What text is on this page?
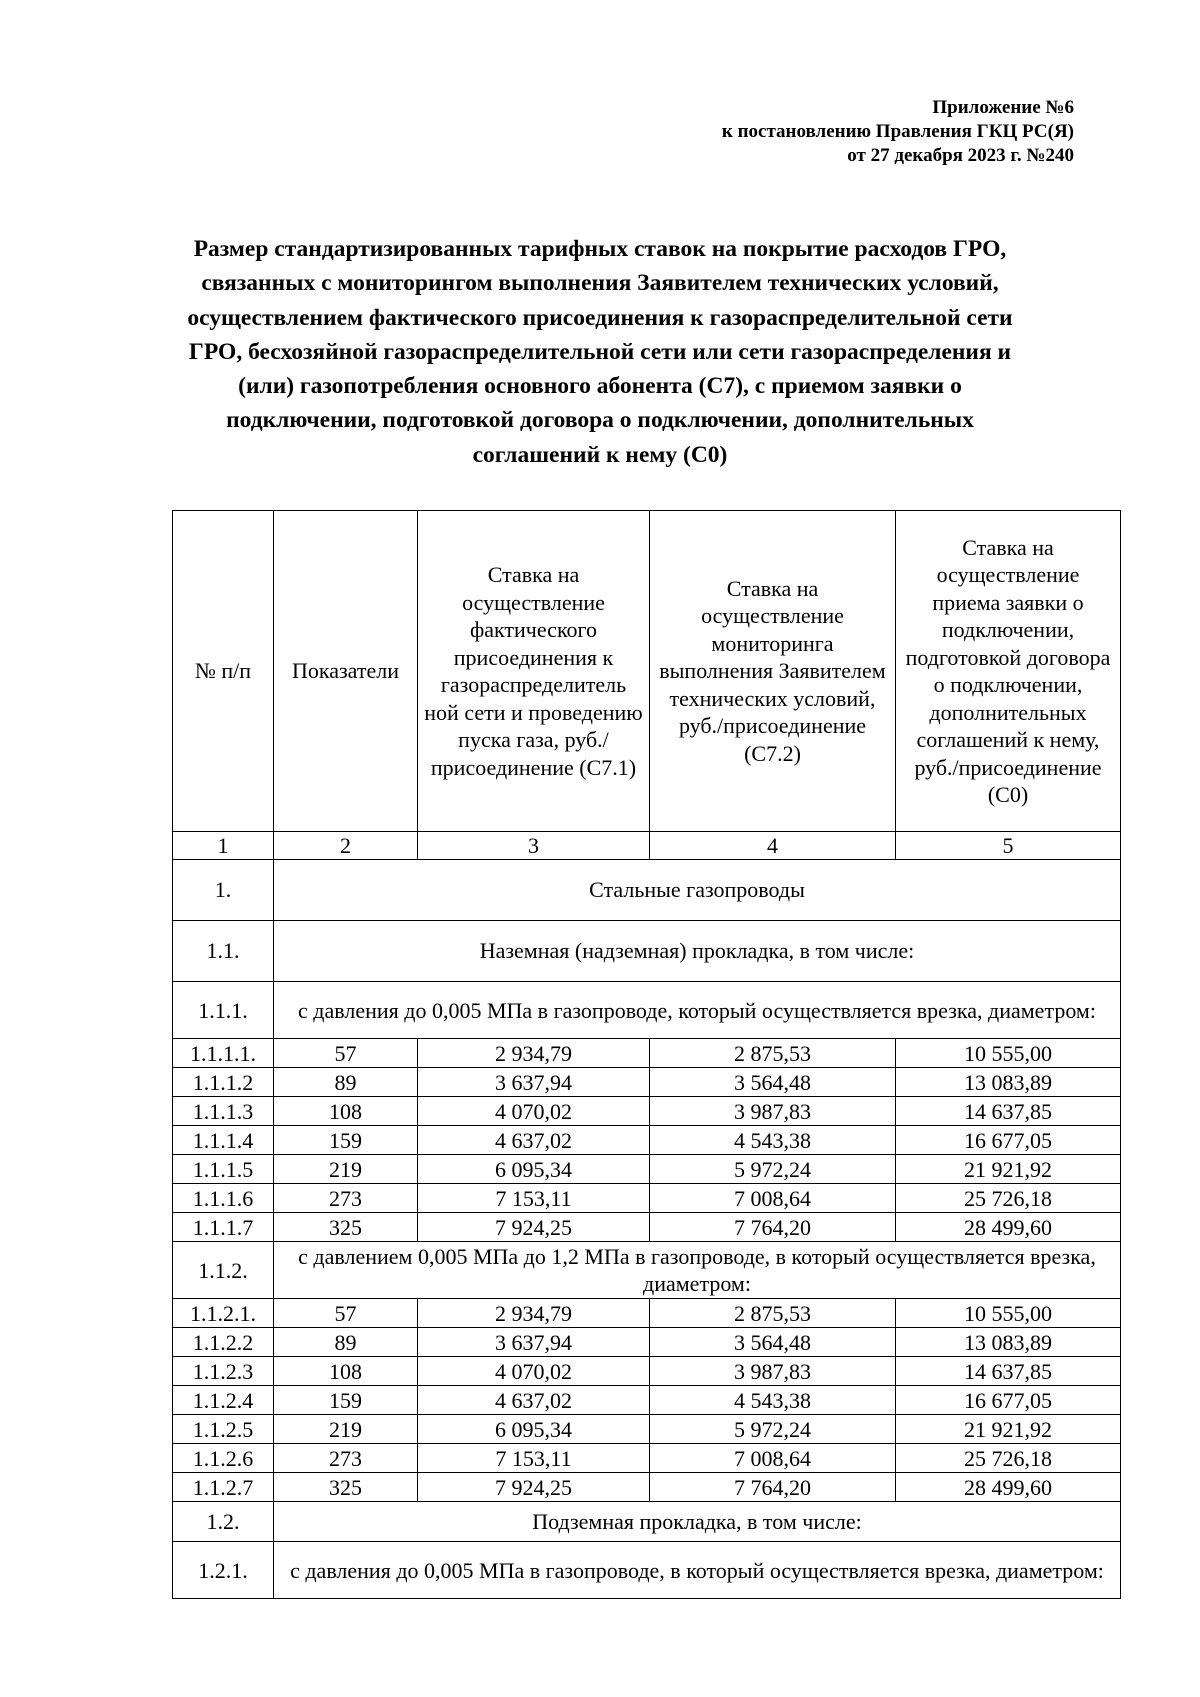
Приложение №6
к постановлению Правления ГКЦ РС(Я)
от 27 декабря 2023 г. №240
Размер стандартизированных тарифных ставок на покрытие расходов ГРО,
связанных с мониторингом выполнения Заявителем технических условий,
осуществлением фактического присоединения к газораспределительной сети
ГРО, бесхозяйной газораспределительной сети или сети газораспределения и
(или) газопотребления основного абонента (С7), с приемом заявки о
подключении, подготовкой договора о подключении, дополнительных
соглашений к нему (С0)
№ п/п	Показатели	Ставка на осуществление фактического присоединения к газораспределитель ной сети и проведению пуска газа, руб./присоединение (С7.1)	Ставка на осуществление мониторинга выполнения Заявителем технических условий, руб./присоединение (С7.2)	Ставка на осуществление приема заявки о подключении, подготовкой договора о подключении, дополнительных соглашений к нему, руб./присоединение (С0)
1	2	3	4	5
1.	Стальные газопроводы			
1.1.	Наземная (надземная) прокладка, в том числе:			
1.1.1.	с давления до 0,005 МПа в газопроводе, который осуществляется врезка, диаметром:			
1.1.1.1.	57	2 934,79	2 875,53	10 555,00
1.1.1.2	89	3 637,94	3 564,48	13 083,89
1.1.1.3	108	4 070,02	3 987,83	14 637,85
1.1.1.4	159	4 637,02	4 543,38	16 677,05
1.1.1.5	219	6 095,34	5 972,24	21 921,92
1.1.1.6	273	7 153,11	7 008,64	25 726,18
1.1.1.7	325	7 924,25	7 764,20	28 499,60
1.1.2.	с давлением 0,005 МПа до 1,2 МПа в газопроводе, в который осуществляется врезка, диаметром:			
1.1.2.1.	57	2 934,79	2 875,53	10 555,00
1.1.2.2	89	3 637,94	3 564,48	13 083,89
1.1.2.3	108	4 070,02	3 987,83	14 637,85
1.1.2.4	159	4 637,02	4 543,38	16 677,05
1.1.2.5	219	6 095,34	5 972,24	21 921,92
1.1.2.6	273	7 153,11	7 008,64	25 726,18
1.1.2.7	325	7 924,25	7 764,20	28 499,60
1.2.	Подземная прокладка, в том числе:			
1.2.1.	с давления до 0,005 МПа в газопроводе, в который осуществляется врезка, диаметром:			
